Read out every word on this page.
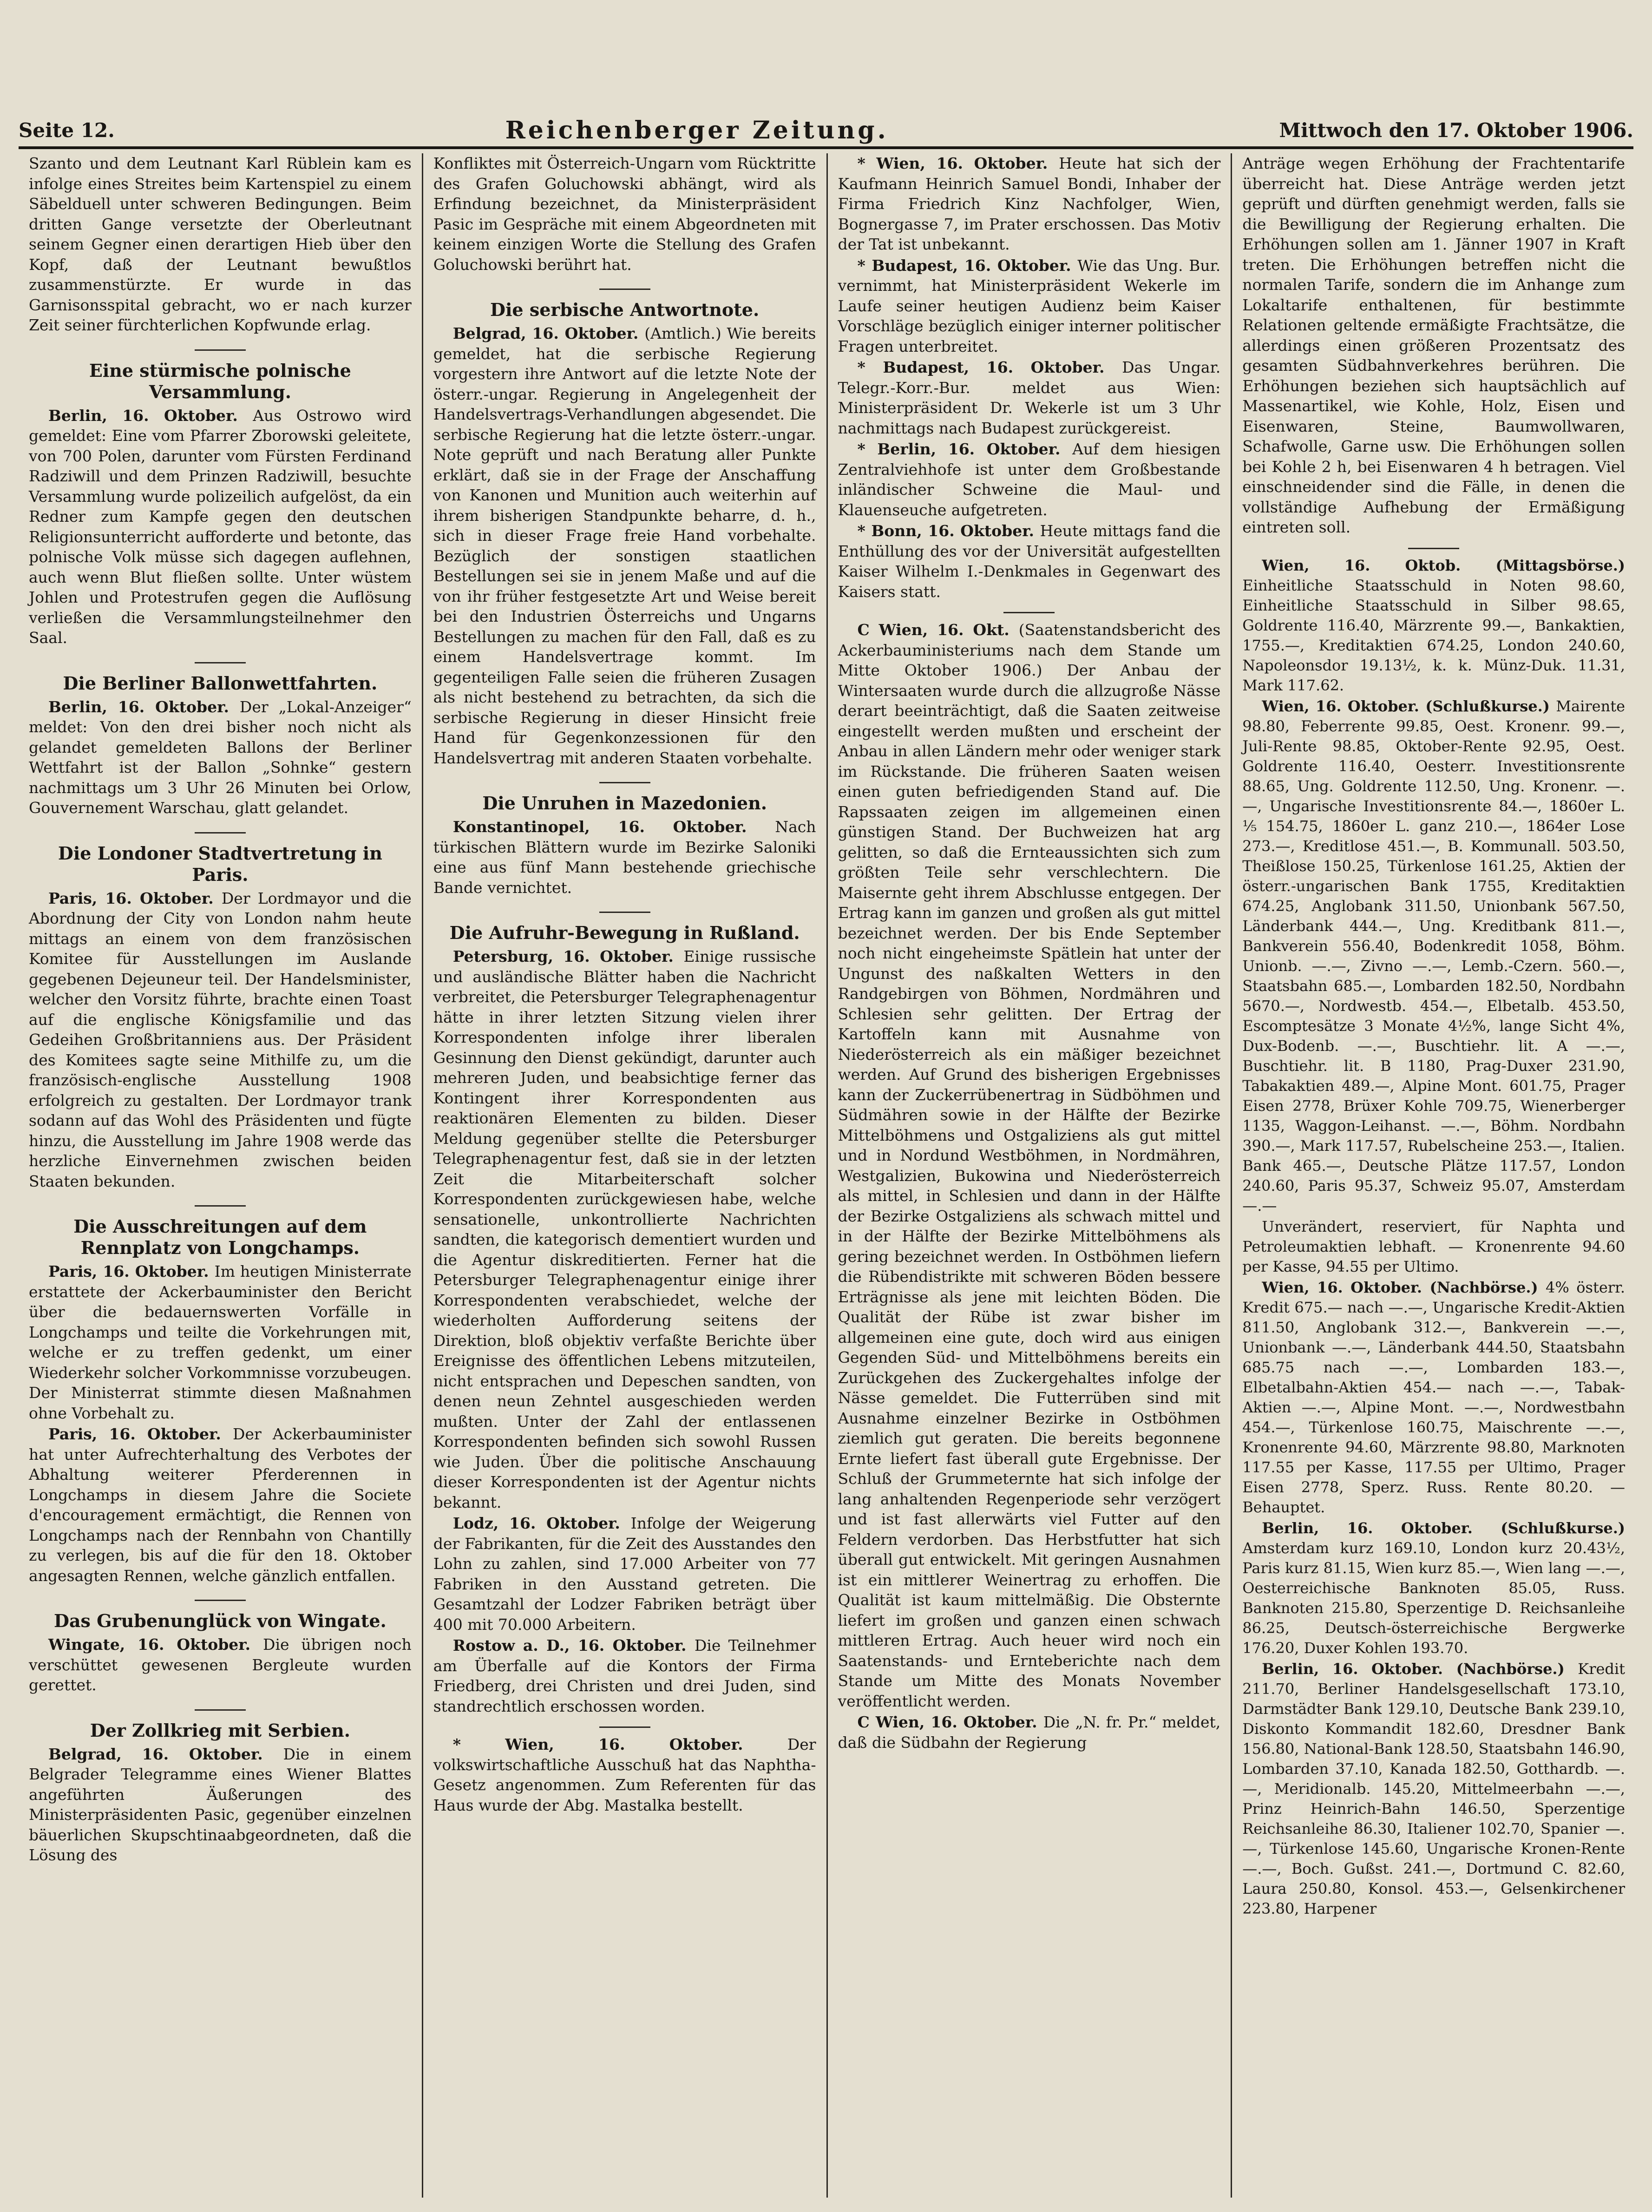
Seite 12.	Reichenberger Zeitung.	Mittwoch den 17. Oktober 1906.

Szanto und dem Leutnant Karl Rüblein kam es infolge eines Streites beim Kartenspiel zu einem Säbelduell unter schweren Bedingungen. Beim dritten Gange versetzte der Oberleutnant seinem Gegner einen derartigen Hieb über den Kopf, daß der Leutnant bewußtlos zusammenstürzte. Er wurde in das Garnisonsspital gebracht, wo er nach kurzer Zeit seiner fürchterlichen Kopfwunde erlag.

Eine stürmische polnische Versammlung.

Berlin, 16. Oktober. Aus Ostrowo wird gemeldet: Eine vom Pfarrer Zborowski geleitete, von 700 Polen, darunter vom Fürsten Ferdinand Radziwill und dem Prinzen Radziwill, besuchte Versammlung wurde polizeilich aufgelöst, da ein Redner zum Kampfe gegen den deutschen Religionsunterricht aufforderte und betonte, das polnische Volk müsse sich dagegen auflehnen, auch wenn Blut fließen sollte. Unter wüstem Johlen und Protestrufen gegen die Auflösung verließen die Versammlungsteilnehmer den Saal.

Die Berliner Ballonwettfahrten.

Berlin, 16. Oktober. Der „Lokal-Anzeiger“ meldet: Von den drei bisher noch nicht als gelandet gemeldeten Ballons der Berliner Wettfahrt ist der Ballon „Sohnke“ gestern nachmittags um 3 Uhr 26 Minuten bei Orlow, Gouvernement Warschau, glatt gelandet.

Die Londoner Stadtvertretung in Paris.

Paris, 16. Oktober. Der Lordmayor und die Abordnung der City von London nahm heute mittags an einem von dem französischen Komitee für Ausstellungen im Auslande gegebenen Dejeuneur teil. Der Handelsminister, welcher den Vorsitz führte, brachte einen Toast auf die englische Königsfamilie und das Gedeihen Großbritanniens aus. Der Präsident des Komitees sagte seine Mithilfe zu, um die französisch-englische Ausstellung 1908 erfolgreich zu gestalten. Der Lordmayor trank sodann auf das Wohl des Präsidenten und fügte hinzu, die Ausstellung im Jahre 1908 werde das herzliche Einvernehmen zwischen beiden Staaten bekunden.

Die Ausschreitungen auf dem Rennplatz von Longchamps.

Paris, 16. Oktober. Im heutigen Ministerrate erstattete der Ackerbauminister den Bericht über die bedauernswerten Vorfälle in Longchamps und teilte die Vorkehrungen mit, welche er zu treffen gedenkt, um einer Wiederkehr solcher Vorkommnisse vorzubeugen. Der Ministerrat stimmte diesen Maßnahmen ohne Vorbehalt zu.

Paris, 16. Oktober. Der Ackerbauminister hat unter Aufrechterhaltung des Verbotes der Abhaltung weiterer Pferderennen in Longchamps in diesem Jahre die Societe d'encouragement ermächtigt, die Rennen von Longchamps nach der Rennbahn von Chantilly zu verlegen, bis auf die für den 18. Oktober angesagten Rennen, welche gänzlich entfallen.

Das Grubenunglück von Wingate.

Wingate, 16. Oktober. Die übrigen noch verschüttet gewesenen Bergleute wurden gerettet.

Der Zollkrieg mit Serbien.

Belgrad, 16. Oktober. Die in einem Belgrader Telegramme eines Wiener Blattes angeführten Äußerungen des Ministerpräsidenten Pasic, gegenüber einzelnen bäuerlichen Skupschtinaabgeordneten, daß die Lösung des

Konfliktes mit Österreich-Ungarn vom Rücktritte des Grafen Goluchowski abhängt, wird als Erfindung bezeichnet, da Ministerpräsident Pasic im Gespräche mit einem Abgeordneten mit keinem einzigen Worte die Stellung des Grafen Goluchowski berührt hat.

Die serbische Antwortnote.

Belgrad, 16. Oktober. (Amtlich.) Wie bereits gemeldet, hat die serbische Regierung vorgestern ihre Antwort auf die letzte Note der österr.-ungar. Regierung in Angelegenheit der Handelsvertrags-Verhandlungen abgesendet. Die serbische Regierung hat die letzte österr.-ungar. Note geprüft und nach Beratung aller Punkte erklärt, daß sie in der Frage der Anschaffung von Kanonen und Munition auch weiterhin auf ihrem bisherigen Standpunkte beharre, d. h., sich in dieser Frage freie Hand vorbehalte. Bezüglich der sonstigen staatlichen Bestellungen sei sie in jenem Maße und auf die von ihr früher festgesetzte Art und Weise bereit bei den Industrien Österreichs und Ungarns Bestellungen zu machen für den Fall, daß es zu einem Handelsvertrage kommt. Im gegenteiligen Falle seien die früheren Zusagen als nicht bestehend zu betrachten, da sich die serbische Regierung in dieser Hinsicht freie Hand für Gegenkonzessionen für den Handelsvertrag mit anderen Staaten vorbehalte.

Die Unruhen in Mazedonien.

Konstantinopel, 16. Oktober. Nach türkischen Blättern wurde im Bezirke Saloniki eine aus fünf Mann bestehende griechische Bande vernichtet.

Die Aufruhr-Bewegung in Rußland.

Petersburg, 16. Oktober. Einige russische und ausländische Blätter haben die Nachricht verbreitet, die Petersburger Telegraphenagentur hätte in ihrer letzten Sitzung vielen ihrer Korrespondenten infolge ihrer liberalen Gesinnung den Dienst gekündigt, darunter auch mehreren Juden, und beabsichtige ferner das Kontingent ihrer Korrespondenten aus reaktionären Elementen zu bilden. Dieser Meldung gegenüber stellte die Petersburger Telegraphenagentur fest, daß sie in der letzten Zeit die Mitarbeiterschaft solcher Korrespondenten zurückgewiesen habe, welche sensationelle, unkontrollierte Nachrichten sandten, die kategorisch dementiert wurden und die Agentur diskreditierten. Ferner hat die Petersburger Telegraphenagentur einige ihrer Korrespondenten verabschiedet, welche der wiederholten Aufforderung seitens der Direktion, bloß objektiv verfaßte Berichte über Ereignisse des öffentlichen Lebens mitzuteilen, nicht entsprachen und Depeschen sandten, von denen neun Zehntel ausgeschieden werden mußten. Unter der Zahl der entlassenen Korrespondenten befinden sich sowohl Russen wie Juden. Über die politische Anschauung dieser Korrespondenten ist der Agentur nichts bekannt.

Lodz, 16. Oktober. Infolge der Weigerung der Fabrikanten, für die Zeit des Ausstandes den Lohn zu zahlen, sind 17.000 Arbeiter von 77 Fabriken in den Ausstand getreten. Die Gesamtzahl der Lodzer Fabriken beträgt über 400 mit 70.000 Arbeitern.

Rostow a. D., 16. Oktober. Die Teilnehmer am Überfalle auf die Kontors der Firma Friedberg, drei Christen und drei Juden, sind standrechtlich erschossen worden.

* Wien, 16. Oktober. Der volkswirtschaftliche Ausschuß hat das Naphtha-Gesetz angenommen. Zum Referenten für das Haus wurde der Abg. Mastalka bestellt.

* Wien, 16. Oktober. Heute hat sich der Kaufmann Heinrich Samuel Bondi, Inhaber der Firma Friedrich Kinz Nachfolger, Wien, Bognergasse 7, im Prater erschossen. Das Motiv der Tat ist unbekannt.

* Budapest, 16. Oktober. Wie das Ung. Bur. vernimmt, hat Ministerpräsident Wekerle im Laufe seiner heutigen Audienz beim Kaiser Vorschläge bezüglich einiger interner politischer Fragen unterbreitet.

* Budapest, 16. Oktober. Das Ungar. Telegr.-Korr.-Bur. meldet aus Wien: Ministerpräsident Dr. Wekerle ist um 3 Uhr nachmittags nach Budapest zurückgereist.

* Berlin, 16. Oktober. Auf dem hiesigen Zentralviehhofe ist unter dem Großbestande inländischer Schweine die Maul- und Klauenseuche aufgetreten.

* Bonn, 16. Oktober. Heute mittags fand die Enthüllung des vor der Universität aufgestellten Kaiser Wilhelm I.-Denkmales in Gegenwart des Kaisers statt.

C Wien, 16. Okt. (Saatenstandsbericht des Ackerbauministeriums nach dem Stande um Mitte Oktober 1906.) Der Anbau der Wintersaaten wurde durch die allzugroße Nässe derart beeinträchtigt, daß die Saaten zeitweise eingestellt werden mußten und erscheint der Anbau in allen Ländern mehr oder weniger stark im Rückstande. Die früheren Saaten weisen einen guten befriedigenden Stand auf. Die Rapssaaten zeigen im allgemeinen einen günstigen Stand. Der Buchweizen hat arg gelitten, so daß die Ernteaussichten sich zum größten Teile sehr verschlechtern. Die Maisernte geht ihrem Abschlusse entgegen. Der Ertrag kann im ganzen und großen als gut mittel bezeichnet werden. Der bis Ende September noch nicht eingeheimste Spätlein hat unter der Ungunst des naßkalten Wetters in den Randgebirgen von Böhmen, Nordmähren und Schlesien sehr gelitten. Der Ertrag der Kartoffeln kann mit Ausnahme von Niederösterreich als ein mäßiger bezeichnet werden. Auf Grund des bisherigen Ergebnisses kann der Zuckerrübenertrag in Südböhmen und Südmähren sowie in der Hälfte der Bezirke Mittelböhmens und Ostgaliziens als gut mittel und in Nordund Westböhmen, in Nordmähren, Westgalizien, Bukowina und Niederösterreich als mittel, in Schlesien und dann in der Hälfte der Bezirke Ostgaliziens als schwach mittel und in der Hälfte der Bezirke Mittelböhmens als gering bezeichnet werden. In Ostböhmen liefern die Rübendistrikte mit schweren Böden bessere Erträgnisse als jene mit leichten Böden. Die Qualität der Rübe ist zwar bisher im allgemeinen eine gute, doch wird aus einigen Gegenden Süd- und Mittelböhmens bereits ein Zurückgehen des Zuckergehaltes infolge der Nässe gemeldet. Die Futterrüben sind mit Ausnahme einzelner Bezirke in Ostböhmen ziemlich gut geraten. Die bereits begonnene Ernte liefert fast überall gute Ergebnisse. Der Schluß der Grummeternte hat sich infolge der lang anhaltenden Regenperiode sehr verzögert und ist fast allerwärts viel Futter auf den Feldern verdorben. Das Herbstfutter hat sich überall gut entwickelt. Mit geringen Ausnahmen ist ein mittlerer Weinertrag zu erhoffen. Die Qualität ist kaum mittelmäßig. Die Obsternte liefert im großen und ganzen einen schwach mittleren Ertrag. Auch heuer wird noch ein Saatenstands- und Ernteberichte nach dem Stande um Mitte des Monats November veröffentlicht werden.

C Wien, 16. Oktober. Die „N. fr. Pr.“ meldet, daß die Südbahn der Regierung

Anträge wegen Erhöhung der Frachtentarife überreicht hat. Diese Anträge werden jetzt geprüft und dürften genehmigt werden, falls sie die Bewilligung der Regierung erhalten. Die Erhöhungen sollen am 1. Jänner 1907 in Kraft treten. Die Erhöhungen betreffen nicht die normalen Tarife, sondern die im Anhange zum Lokaltarife enthaltenen, für bestimmte Relationen geltende ermäßigte Frachtsätze, die allerdings einen größeren Prozentsatz des gesamten Südbahnverkehres berühren. Die Erhöhungen beziehen sich hauptsächlich auf Massenartikel, wie Kohle, Holz, Eisen und Eisenwaren, Steine, Baumwollwaren, Schafwolle, Garne usw. Die Erhöhungen sollen bei Kohle 2 h, bei Eisenwaren 4 h betragen. Viel einschneidender sind die Fälle, in denen die vollständige Aufhebung der Ermäßigung eintreten soll.

Wien, 16. Oktob. (Mittagsbörse.) Einheitliche Staatsschuld in Noten 98.60, Einheitliche Staatsschuld in Silber 98.65, Goldrente 116.40, Märzrente 99.—, Bankaktien, 1755.—, Kreditaktien 674.25, London 240.60, Napoleonsdor 19.13½, k. k. Münz-Duk. 11.31, Mark 117.62.

Wien, 16. Oktober. (Schlußkurse.) Mairente 98.80, Feberrente 99.85, Oest. Kronenr. 99.—, Juli-Rente 98.85, Oktober-Rente 92.95, Oest. Goldrente 116.40, Oesterr. Investitionsrente 88.65, Ung. Goldrente 112.50, Ung. Kronenr. —.—, Ungarische Investitionsrente 84.—, 1860er L. ⅕ 154.75, 1860er L. ganz 210.—, 1864er Lose 273.—, Kreditlose 451.—, B. Kommunall. 503.50, Theißlose 150.25, Türkenlose 161.25, Aktien der österr.-ungarischen Bank 1755, Kreditaktien 674.25, Anglobank 311.50, Unionbank 567.50, Länderbank 444.—, Ung. Kreditbank 811.—, Bankverein 556.40, Bodenkredit 1058, Böhm. Unionb. —.—, Zivno —.—, Lemb.-Czern. 560.—, Staatsbahn 685.—, Lombarden 182.50, Nordbahn 5670.—, Nordwestb. 454.—, Elbetalb. 453.50, Escomptesätze 3 Monate 4½%, lange Sicht 4%, Dux-Bodenb. —.—, Buschtiehr. lit. A —.—, Buschtiehr. lit. B 1180, Prag-Duxer 231.90, Tabakaktien 489.—, Alpine Mont. 601.75, Prager Eisen 2778, Brüxer Kohle 709.75, Wienerberger 1135, Waggon-Leihanst. —.—, Böhm. Nordbahn 390.—, Mark 117.57, Rubelscheine 253.—, Italien. Bank 465.—, Deutsche Plätze 117.57, London 240.60, Paris 95.37, Schweiz 95.07, Amsterdam —.—

Unverändert, reserviert, für Naphta und Petroleumaktien lebhaft. — Kronenrente 94.60 per Kasse, 94.55 per Ultimo.

Wien, 16. Oktober. (Nachbörse.) 4% österr. Kredit 675.— nach —.—, Ungarische Kredit-Aktien 811.50, Anglobank 312.—, Bankverein —.—, Unionbank —.—, Länderbank 444.50, Staatsbahn 685.75 nach —.—, Lombarden 183.—, Elbetalbahn-Aktien 454.— nach —.—, Tabak-Aktien —.—, Alpine Mont. —.—, Nordwestbahn 454.—, Türkenlose 160.75, Maischrente —.—, Kronenrente 94.60, Märzrente 98.80, Marknoten 117.55 per Kasse, 117.55 per Ultimo, Prager Eisen 2778, Sperz. Russ. Rente 80.20. — Behauptet.

Berlin, 16. Oktober. (Schlußkurse.) Amsterdam kurz 169.10, London kurz 20.43½, Paris kurz 81.15, Wien kurz 85.—, Wien lang —.—, Oesterreichische Banknoten 85.05, Russ. Banknoten 215.80, Sperzentige D. Reichsanleihe 86.25, Deutsch-österreichische Bergwerke 176.20, Duxer Kohlen 193.70.

Berlin, 16. Oktober. (Nachbörse.) Kredit 211.70, Berliner Handelsgesellschaft 173.10, Darmstädter Bank 129.10, Deutsche Bank 239.10, Diskonto Kommandit 182.60, Dresdner Bank 156.80, National-Bank 128.50, Staatsbahn 146.90, Lombarden 37.10, Kanada 182.50, Gotthardb. —.—, Meridionalb. 145.20, Mittelmeerbahn —.—, Prinz Heinrich-Bahn 146.50, Sperzentige Reichsanleihe 86.30, Italiener 102.70, Spanier —.—, Türkenlose 145.60, Ungarische Kronen-Rente —.—, Boch. Gußst. 241.—, Dortmund C. 82.60, Laura 250.80, Konsol. 453.—, Gelsenkirchener 223.80, Harpener
